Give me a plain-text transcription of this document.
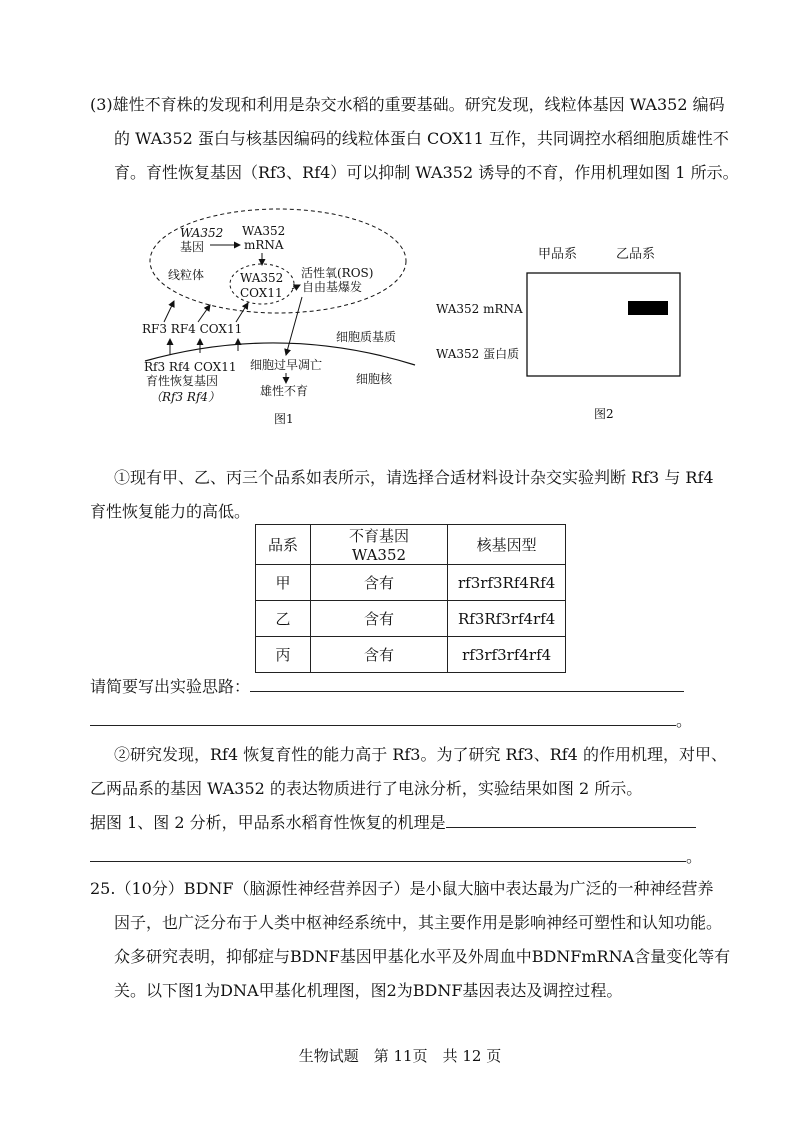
(3)雄性不育株的发现和利用是杂交水稻的重要基础。研究发现，线粒体基因 WA352 编码
的 WA352 蛋白与核基因编码的线粒体蛋白 COX11 互作，共同调控水稻细胞质雄性不
育。育性恢复基因（Rf3、Rf4）可以抑制 WA352 诱导的不育，作用机理如图 1 所示。
WA352
基因
WA352
mRNA
线粒体	WA352
COX11
活性氧(ROS)
自由基爆发
RF3 RF4 COX11
细胞质基质
Rf3 Rf4 COX11
育性恢复基因
（Rf3 Rf4）
细胞过早凋亡
雄性不育
细胞核
图1
甲品系	乙品系
WA352 mRNA
WA352 蛋白质
图2
①现有甲、乙、丙三个品系如表所示，请选择合适材料设计杂交实验判断 Rf3 与 Rf4
育性恢复能力的高低。
品系	不育基因 WA352	核基因型
甲	含有	rf3rf3Rf4Rf4
乙	含有	Rf3Rf3rf4rf4
丙	含有	rf3rf3rf4rf4
请简要写出实验思路：
。
②研究发现，Rf4 恢复育性的能力高于 Rf3。为了研究 Rf3、Rf4 的作用机理，对甲、
乙两品系的基因 WA352 的表达物质进行了电泳分析，实验结果如图 2 所示。
据图 1、图 2 分析，甲品系水稻育性恢复的机理是
。
25.（10分）BDNF（脑源性神经营养因子）是小鼠大脑中表达最为广泛的一种神经营养
因子，也广泛分布于人类中枢神经系统中，其主要作用是影响神经可塑性和认知功能。
众多研究表明，抑郁症与BDNF基因甲基化水平及外周血中BDNFmRNA含量变化等有
关。以下图1为DNA甲基化机理图，图2为BDNF基因表达及调控过程。
生物试题　第 11页　共 12 页
